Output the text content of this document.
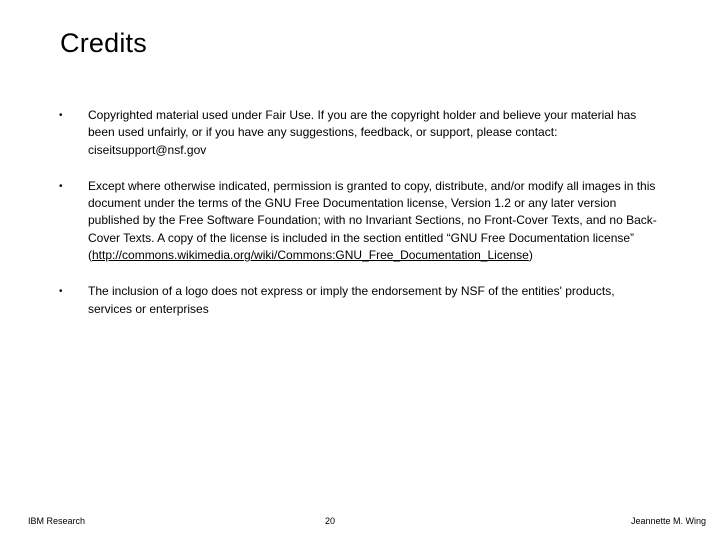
Credits
• Copyrighted material used under Fair Use. If you are the copyright holder and believe your material has been used unfairly, or if you have any suggestions, feedback, or support, please contact: ciseitsupport@nsf.gov
• Except where otherwise indicated, permission is granted to copy, distribute, and/or modify all images in this document under the terms of the GNU Free Documentation license, Version 1.2 or any later version published by the Free Software Foundation; with no Invariant Sections, no Front-Cover Texts, and no Back-Cover Texts. A copy of the license is included in the section entitled “GNU Free Documentation license” (http://commons.wikimedia.org/wiki/Commons:GNU_Free_Documentation_License)
• The inclusion of a logo does not express or imply the endorsement by NSF of the entities' products, services or enterprises
IBM Research	20	Jeannette M. Wing
